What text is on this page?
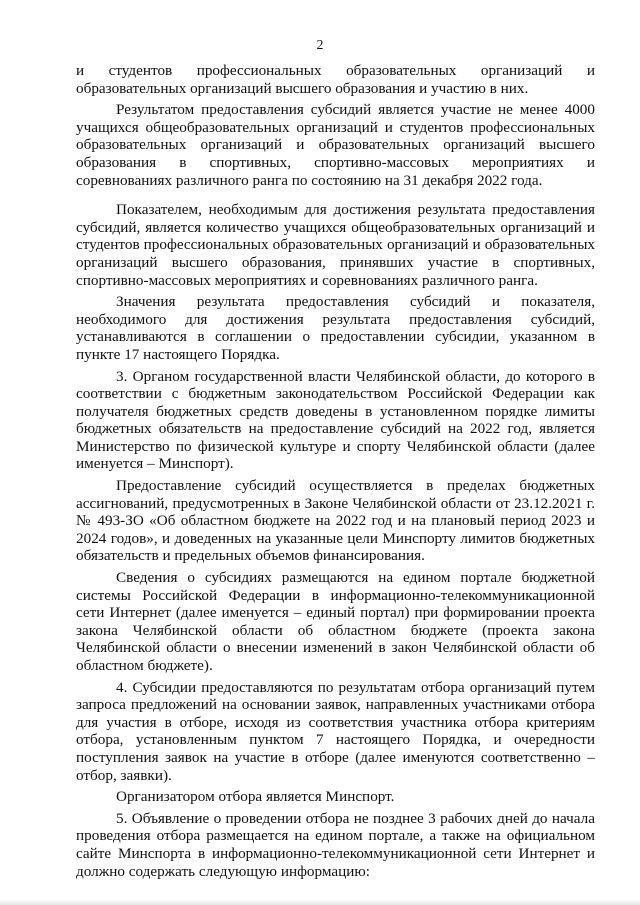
2

и студентов профессиональных образовательных организаций и образовательных организаций высшего образования и участию в них.

Результатом предоставления субсидий является участие не менее 4000 учащихся общеобразовательных организаций и студентов профессиональных образовательных организаций и образовательных организаций высшего образования в спортивных, спортивно-массовых мероприятиях и соревнованиях различного ранга по состоянию на 31 декабря 2022 года.

Показателем, необходимым для достижения результата предоставления субсидий, является количество учащихся общеобразовательных организаций и студентов профессиональных образовательных организаций и образовательных организаций высшего образования, принявших участие в спортивных, спортивно-массовых мероприятиях и соревнованиях различного ранга.

Значения результата предоставления субсидий и показателя, необходимого для достижения результата предоставления субсидий, устанавливаются в соглашении о предоставлении субсидии, указанном в пункте 17 настоящего Порядка.

3. Органом государственной власти Челябинской области, до которого в соответствии с бюджетным законодательством Российской Федерации как получателя бюджетных средств доведены в установленном порядке лимиты бюджетных обязательств на предоставление субсидий на 2022 год, является Министерство по физической культуре и спорту Челябинской области (далее именуется – Минспорт).

Предоставление субсидий осуществляется в пределах бюджетных ассигнований, предусмотренных в Законе Челябинской области от 23.12.2021 г. № 493-ЗО «Об областном бюджете на 2022 год и на плановый период 2023 и 2024 годов», и доведенных на указанные цели Минспорту лимитов бюджетных обязательств и предельных объемов финансирования.

Сведения о субсидиях размещаются на едином портале бюджетной системы Российской Федерации в информационно-телекоммуникационной сети Интернет (далее именуется – единый портал) при формировании проекта закона Челябинской области об областном бюджете (проекта закона Челябинской области о внесении изменений в закон Челябинской области об областном бюджете).

4. Субсидии предоставляются по результатам отбора организаций путем запроса предложений на основании заявок, направленных участниками отбора для участия в отборе, исходя из соответствия участника отбора критериям отбора, установленным пунктом 7 настоящего Порядка, и очередности поступления заявок на участие в отборе (далее именуются соответственно – отбор, заявки).

Организатором отбора является Минспорт.

5. Объявление о проведении отбора не позднее 3 рабочих дней до начала проведения отбора размещается на едином портале, а также на официальном сайте Минспорта в информационно-телекоммуникационной сети Интернет и должно содержать следующую информацию:
